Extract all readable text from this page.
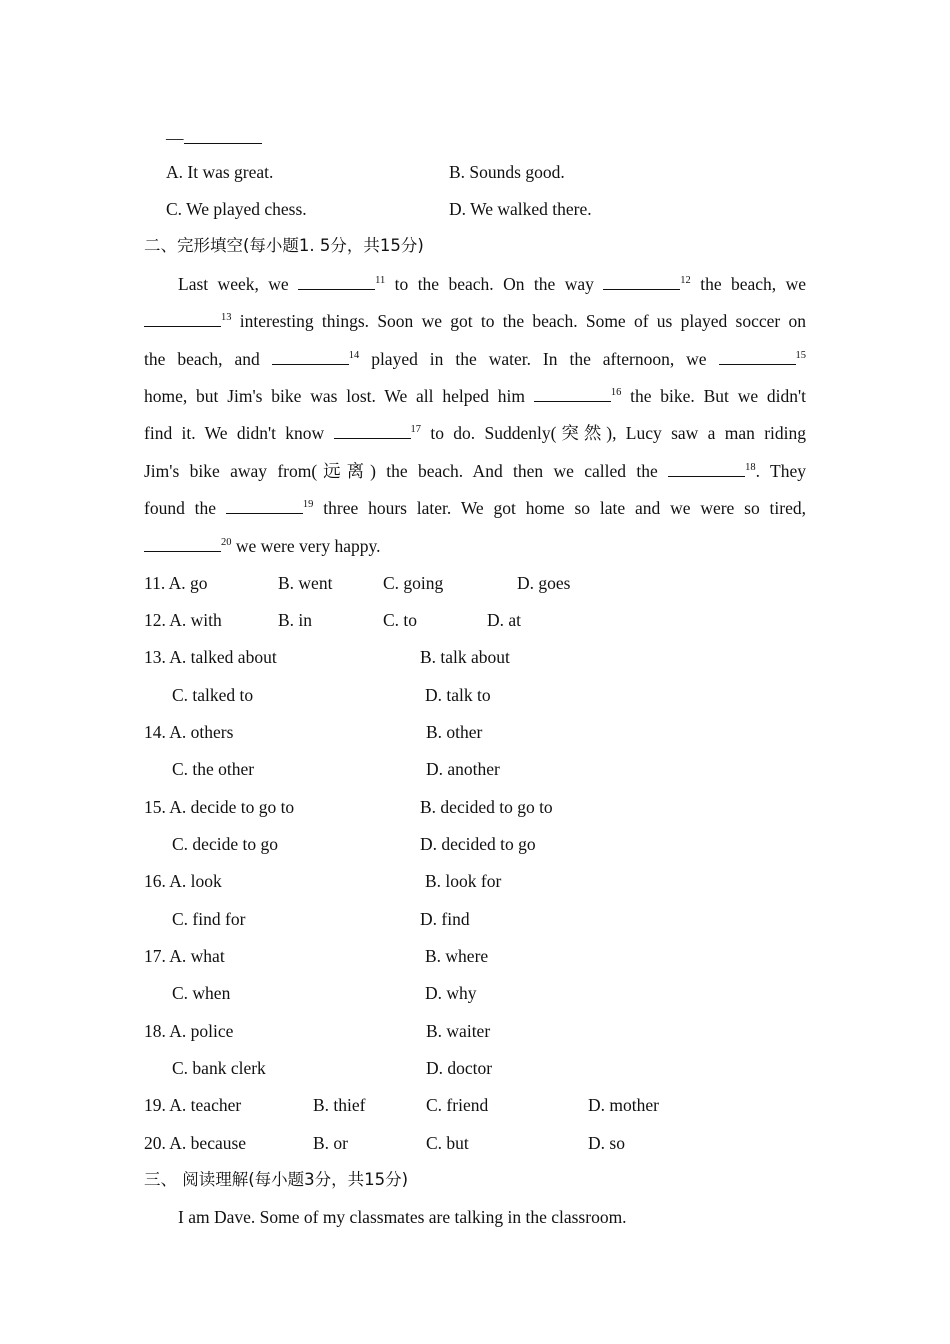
—
A. It was great.	B. Sounds good.
C. We played chess.	D. We walked there.
二、完形填空(每小题1. 5分，共15分)
Last week, we	$^{11}$ to the beach. On the way	$^{12}$ the beach, we
$^{13}$ interesting things. Soon we got to the beach. Some of us played soccer on
the beach, and	$^{14}$ played in the water. In the afternoon, we	$^{15}$
home, but Jim's bike was lost. We all helped him	$^{16}$ the bike. But we didn't
find it. We didn't know	$^{17}$ to do. Suddenly(突然), Lucy saw a man riding
Jim's bike away from(远离) the beach. And then we called the	$^{18}$. They
found the	$^{19}$ three hours later. We got home so late and we were so tired,
$^{20}$ we were very happy.
11. A. go	B. went	C. going	D. goes
12. A. with	B. in	C. to	D. at
13. A. talked about	B. talk about
C. talked to	D. talk to
14. A. others	B. other
C. the other	D. another
15. A. decide to go to	B. decided to go to
C. decide to go	D. decided to go
16. A. look	B. look for
C. find for	D. find
17. A. what	B. where
C. when	D. why
18. A. police	B. waiter
C. bank clerk	D. doctor
19. A. teacher	B. thief	C. friend	D. mother
20. A. because	B. or	C. but	D. so
三、 阅读理解(每小题3分，共15分)
I am Dave. Some of my classmates are talking in the classroom.
